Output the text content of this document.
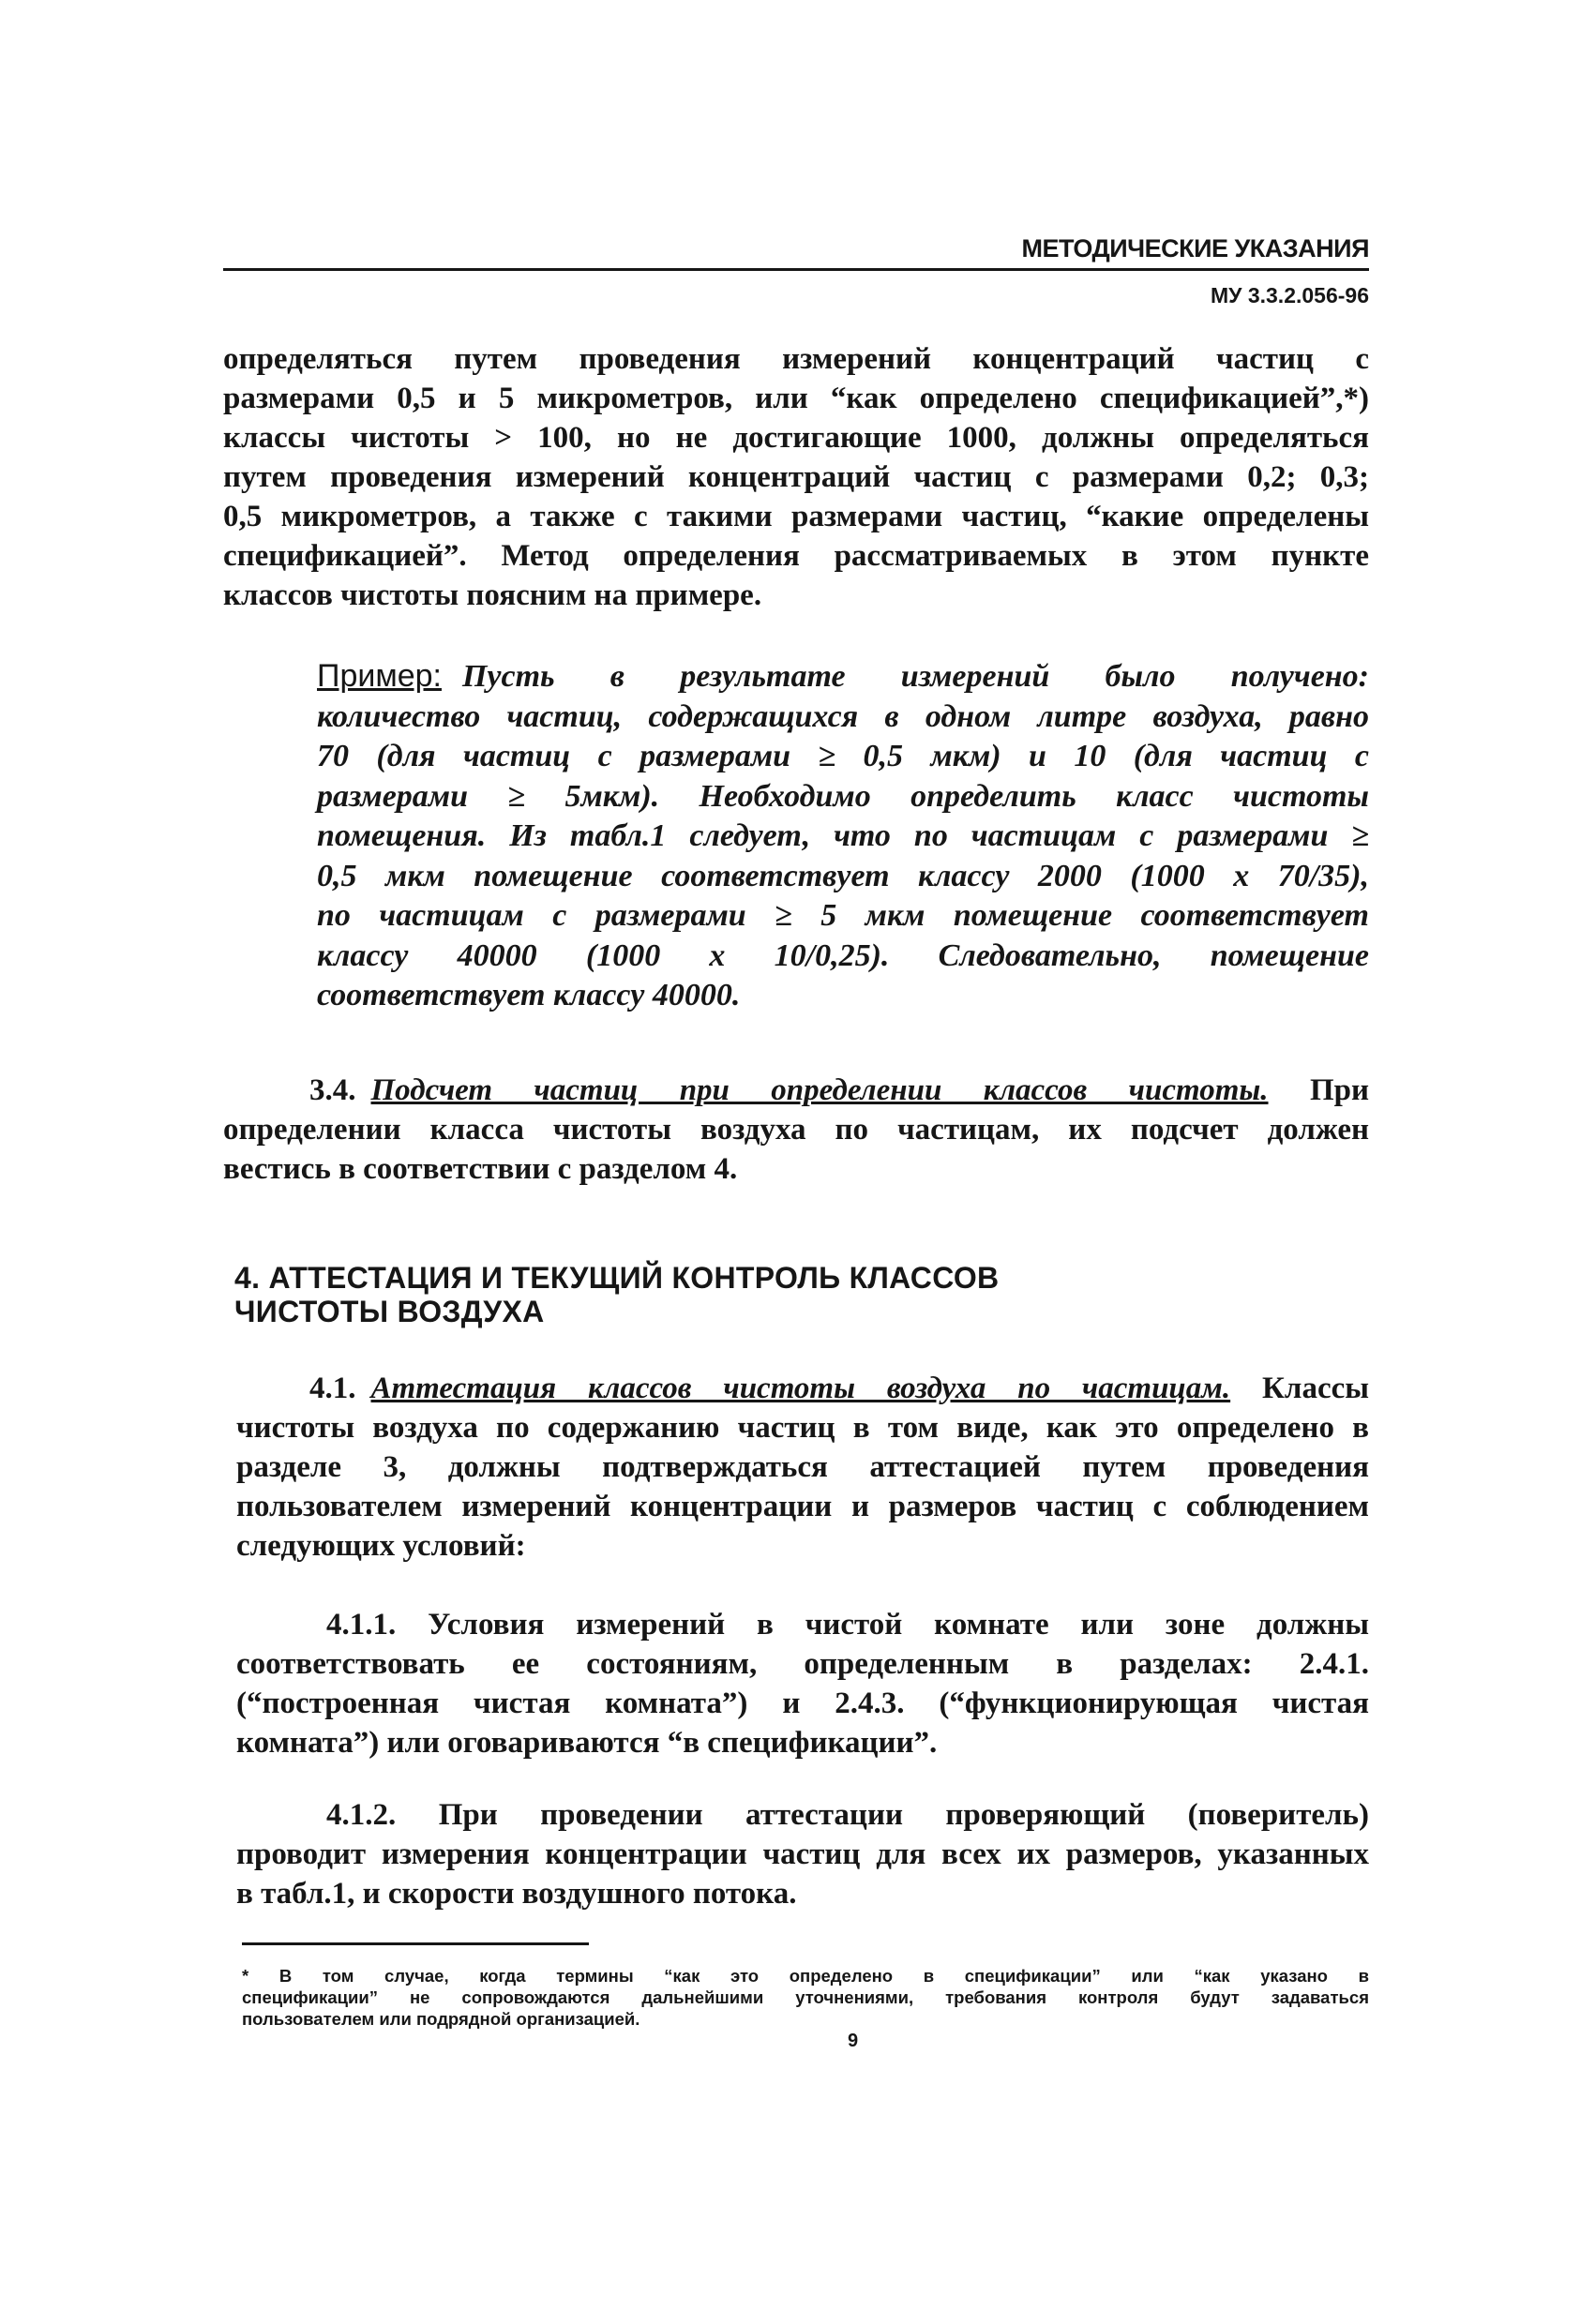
МЕТОДИЧЕСКИЕ УКАЗАНИЯ
МУ 3.3.2.056-96
определяться путем проведения измерений концентраций частиц с
размерами 0,5 и 5 микрометров, или “как определено спецификацией”,*)
классы чистоты > 100, но не достигающие 1000, должны определяться
путем проведения измерений концентраций частиц с размерами 0,2; 0,3;
0,5 микрометров, а также с такими размерами частиц, “какие определены
спецификацией”. Метод определения рассматриваемых в этом пункте
классов чистоты поясним на примере.
Пример: Пусть в результате измерений было получено:
количество частиц, содержащихся в одном литре воздуха, равно
70 (для частиц с размерами ≥ 0,5 мкм) и 10 (для частиц с
размерами ≥ 5мкм). Необходимо определить класс чистоты
помещения. Из табл.1 следует, что по частицам с размерами ≥
0,5 мкм помещение соответствует классу 2000 (1000 x 70/35),
по частицам с размерами ≥ 5 мкм помещение соответствует
классу 40000 (1000 x 10/0,25). Следовательно, помещение
соответствует классу 40000.
3.4. Подсчет частиц при определении классов чистоты. При
определении класса чистоты воздуха по частицам, их подсчет должен
вестись в соответствии с разделом 4.
4. АТТЕСТАЦИЯ И ТЕКУЩИЙ КОНТРОЛЬ КЛАССОВ
ЧИСТОТЫ ВОЗДУХА
4.1. Аттестация классов чистоты воздуха по частицам. Классы
чистоты воздуха по содержанию частиц в том виде, как это определено в
разделе 3, должны подтверждаться аттестацией путем проведения
пользователем измерений концентрации и размеров частиц с соблюдением
следующих условий:
4.1.1. Условия измерений в чистой комнате или зоне должны
соответствовать ее состояниям, определенным в разделах: 2.4.1.
(“построенная чистая комната”) и 2.4.3. (“функционирующая чистая
комната”) или оговариваются “в спецификации”.
4.1.2. При проведении аттестации проверяющий (поверитель)
проводит измерения концентрации частиц для всех их размеров, указанных
в табл.1, и скорости воздушного потока.
* В том случае, когда термины “как это определено в спецификации” или “как указано в
спецификации” не сопровождаются дальнейшими уточнениями, требования контроля будут задаваться
пользователем или подрядной организацией.
9
